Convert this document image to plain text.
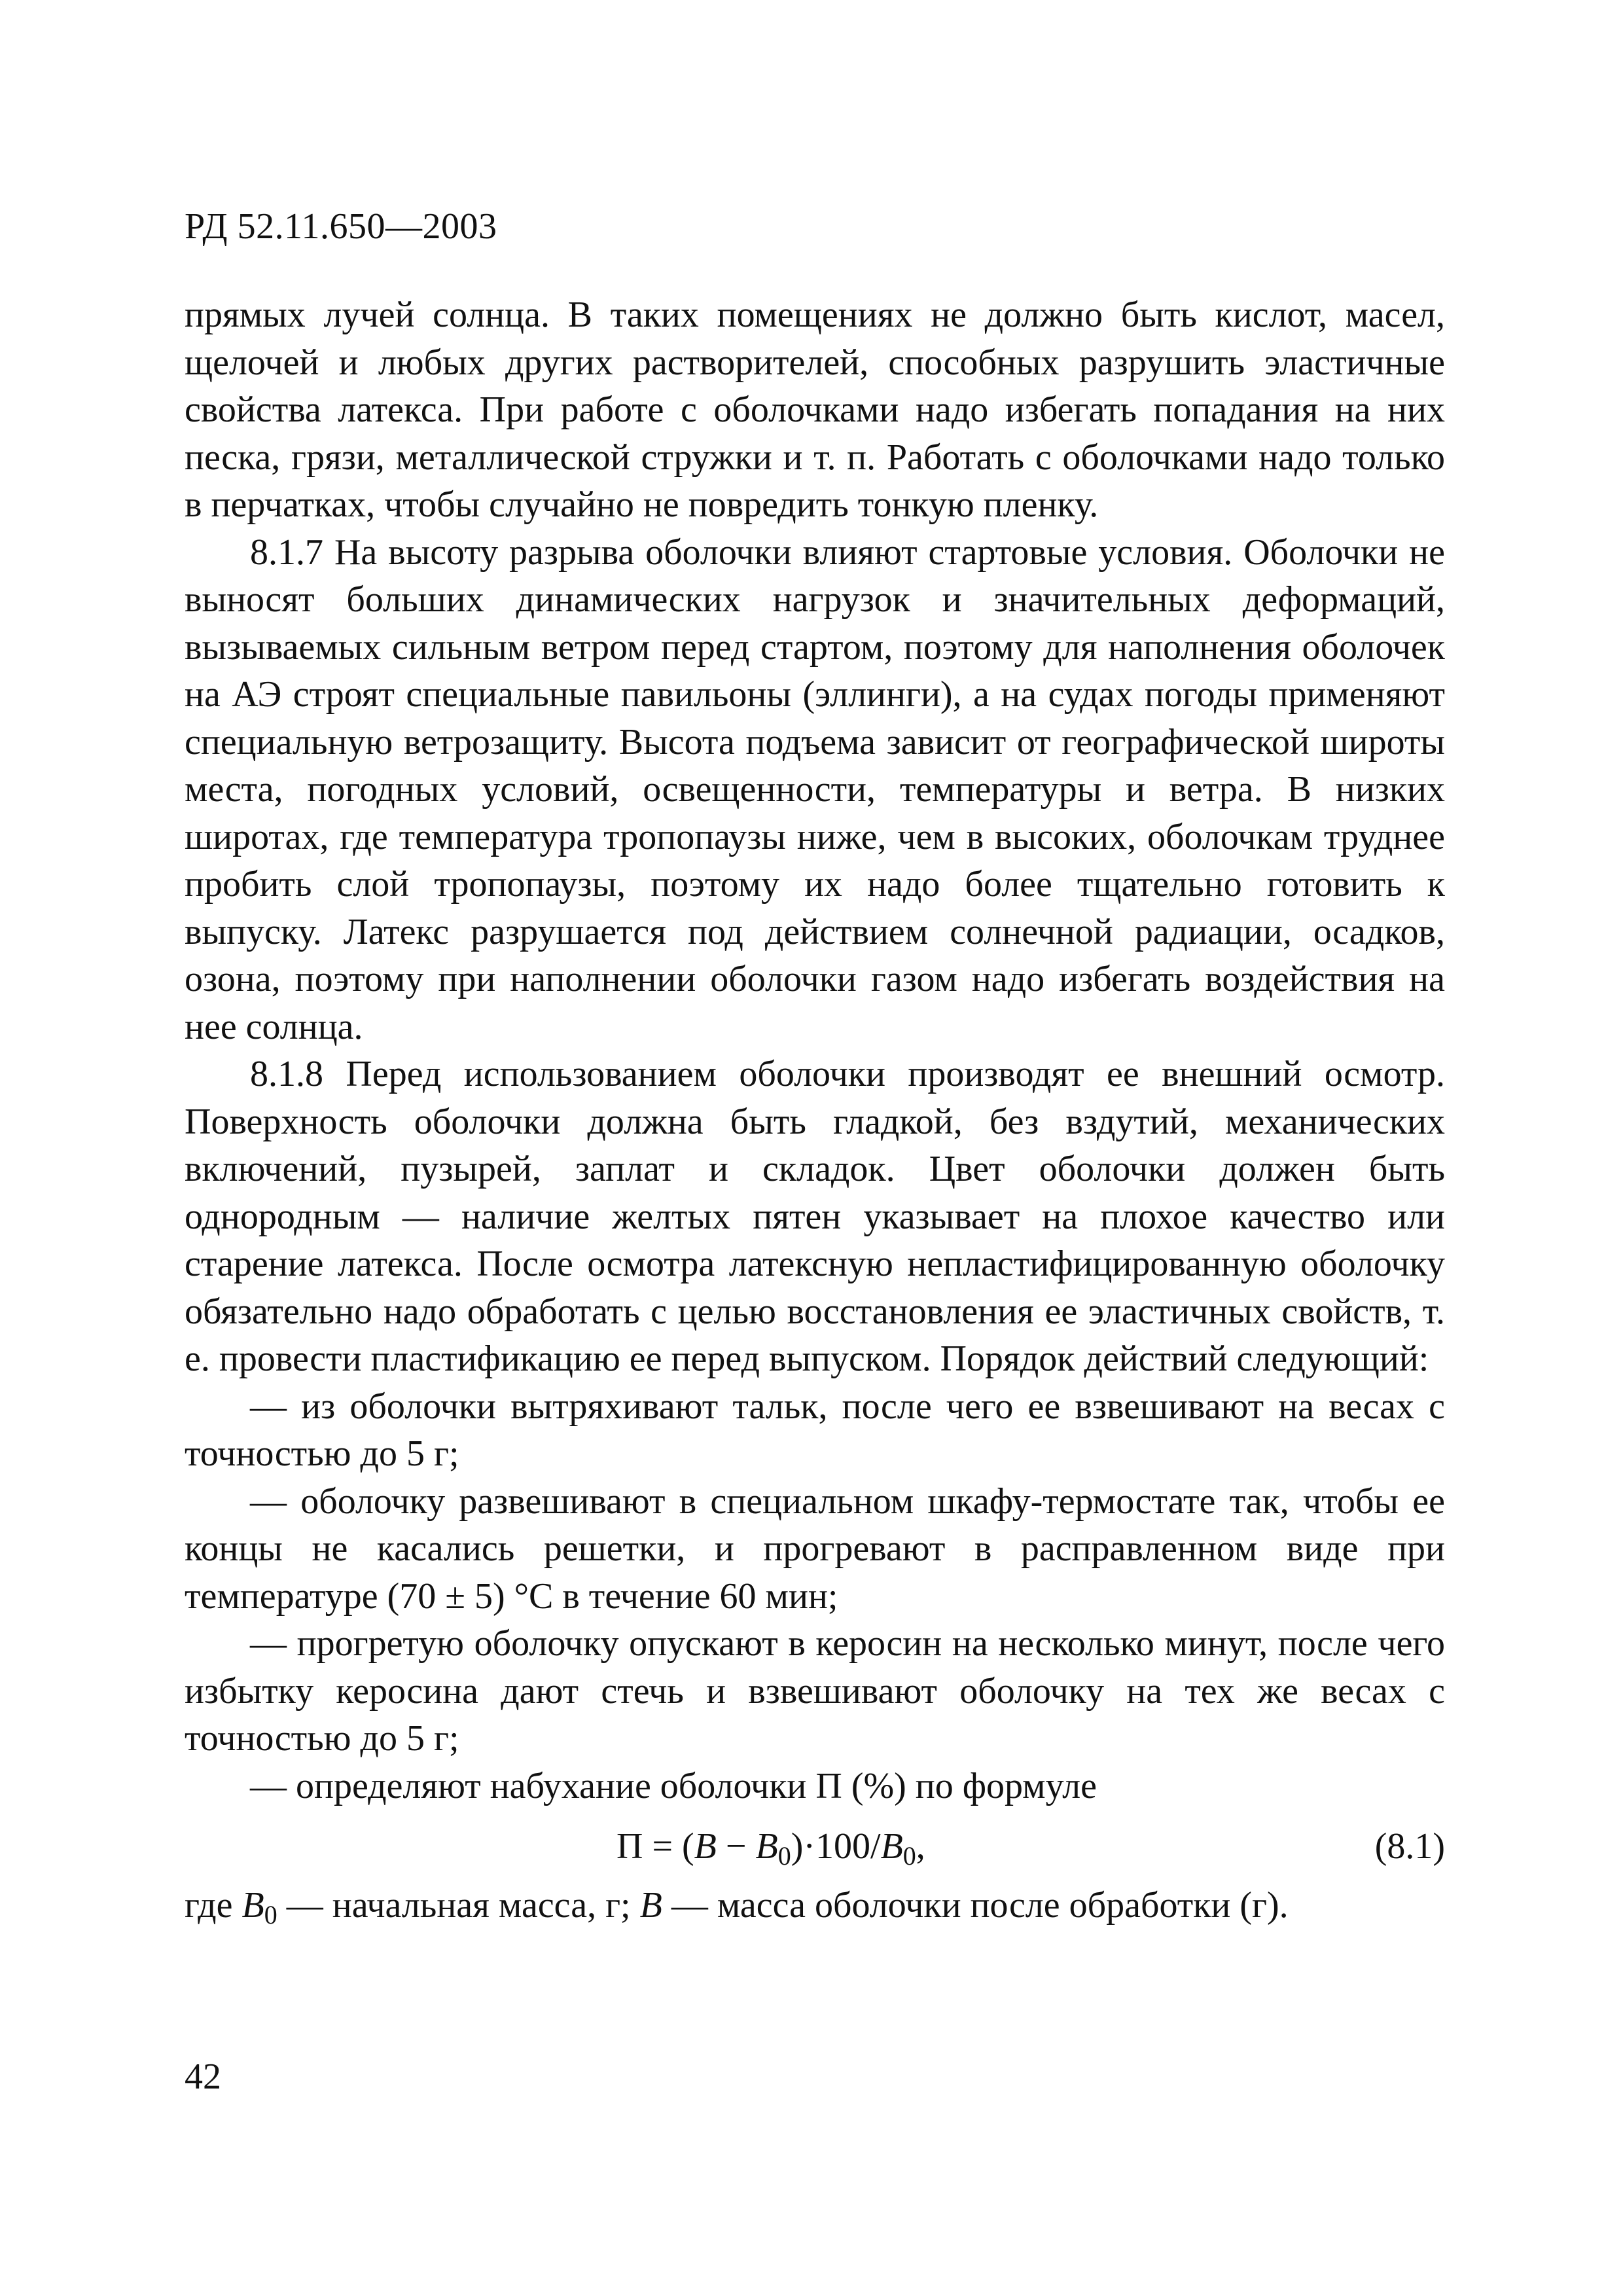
РД 52.11.650—2003

прямых лучей солнца. В таких помещениях не должно быть кислот, масел, щелочей и любых других растворителей, способных разрушить эластичные свойства латекса. При работе с оболочками надо избегать попадания на них песка, грязи, металлической стружки и т. п. Работать с оболочками надо только в перчатках, чтобы случайно не повредить тонкую пленку.

8.1.7 На высоту разрыва оболочки влияют стартовые условия. Оболочки не выносят больших динамических нагрузок и значительных деформаций, вызываемых сильным ветром перед стартом, поэтому для наполнения оболочек на АЭ строят специальные павильоны (эллинги), а на судах погоды применяют специальную ветрозащиту. Высота подъема зависит от географической широты места, погодных условий, освещенности, температуры и ветра. В низких широтах, где температура тропопаузы ниже, чем в высоких, оболочкам труднее пробить слой тропопаузы, поэтому их надо более тщательно готовить к выпуску. Латекс разрушается под действием солнечной радиации, осадков, озона, поэтому при наполнении оболочки газом надо избегать воздействия на нее солнца.

8.1.8 Перед использованием оболочки производят ее внешний осмотр. Поверхность оболочки должна быть гладкой, без вздутий, механических включений, пузырей, заплат и складок. Цвет оболочки должен быть однородным — наличие желтых пятен указывает на плохое качество или старение латекса. После осмотра латексную непластифицированную оболочку обязательно надо обработать с целью восстановления ее эластичных свойств, т. е. провести пластификацию ее перед выпуском. Порядок действий следующий:

— из оболочки вытряхивают тальк, после чего ее взвешивают на весах с точностью до 5 г;

— оболочку развешивают в специальном шкафу-термостате так, чтобы ее концы не касались решетки, и прогревают в расправленном виде при температуре (70 ± 5) °С в течение 60 мин;

— прогретую оболочку опускают в керосин на несколько минут, после чего избытку керосина дают стечь и взвешивают оболочку на тех же весах с точностью до 5 г;

— определяют набухание оболочки П (%) по формуле

$П = (B - B_0)\cdot 100/B_0$,	(8.1)

где $B_0$ — начальная масса, г; B — масса оболочки после обработки (г).

42
